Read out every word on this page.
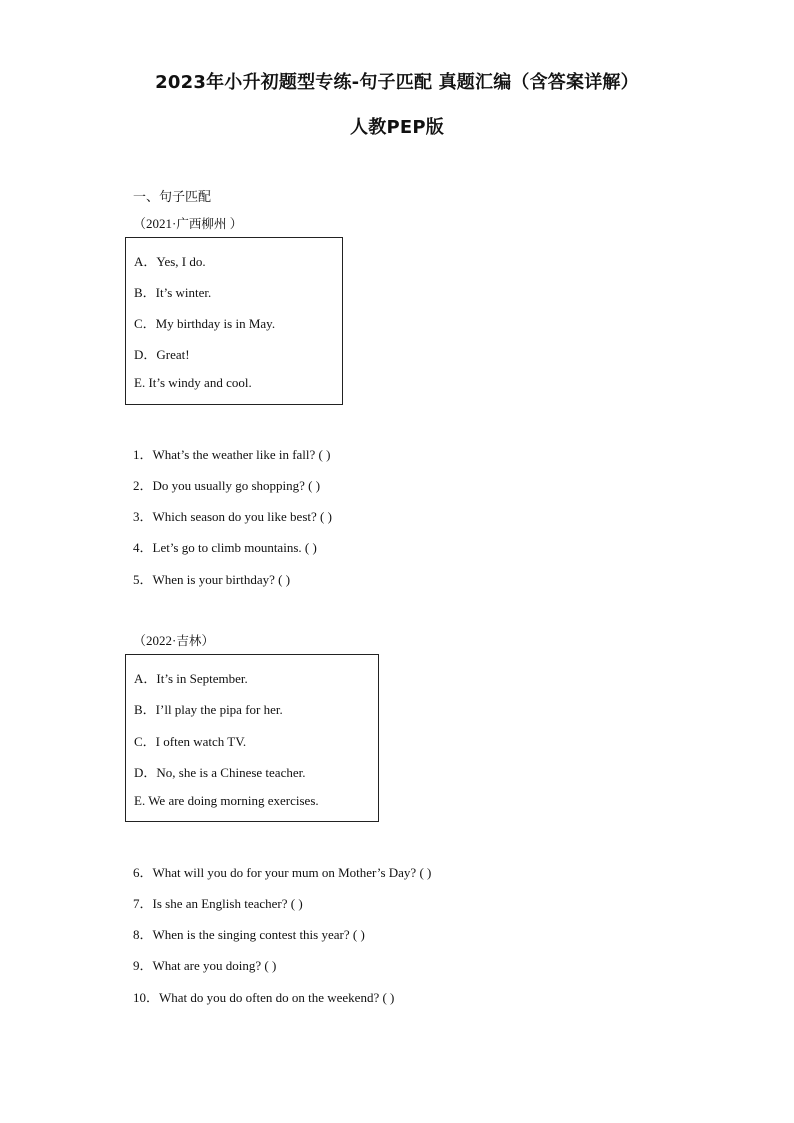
2023年小升初题型专练-句子匹配 真题汇编（含答案详解）
人教PEP版
一、句子匹配
（2021·广西柳州 ）
A．Yes, I do.
B．It’s winter.
C．My birthday is in May.
D．Great!
E. It’s windy and cool.
1．What’s the weather like in fall? ( )
2．Do you usually go shopping? ( )
3．Which season do you like best? ( )
4．Let’s go to climb mountains. ( )
5．When is your birthday? ( )
（2022·吉林）
A．It’s in September.
B．I’ll play the pipa for her.
C．I often watch TV.
D．No, she is a Chinese teacher.
E. We are doing morning exercises.
6．What will you do for your mum on Mother’s Day? ( )
7．Is she an English teacher? ( )
8．When is the singing contest this year? ( )
9．What are you doing? ( )
10．What do you do often do on the weekend? ( )
